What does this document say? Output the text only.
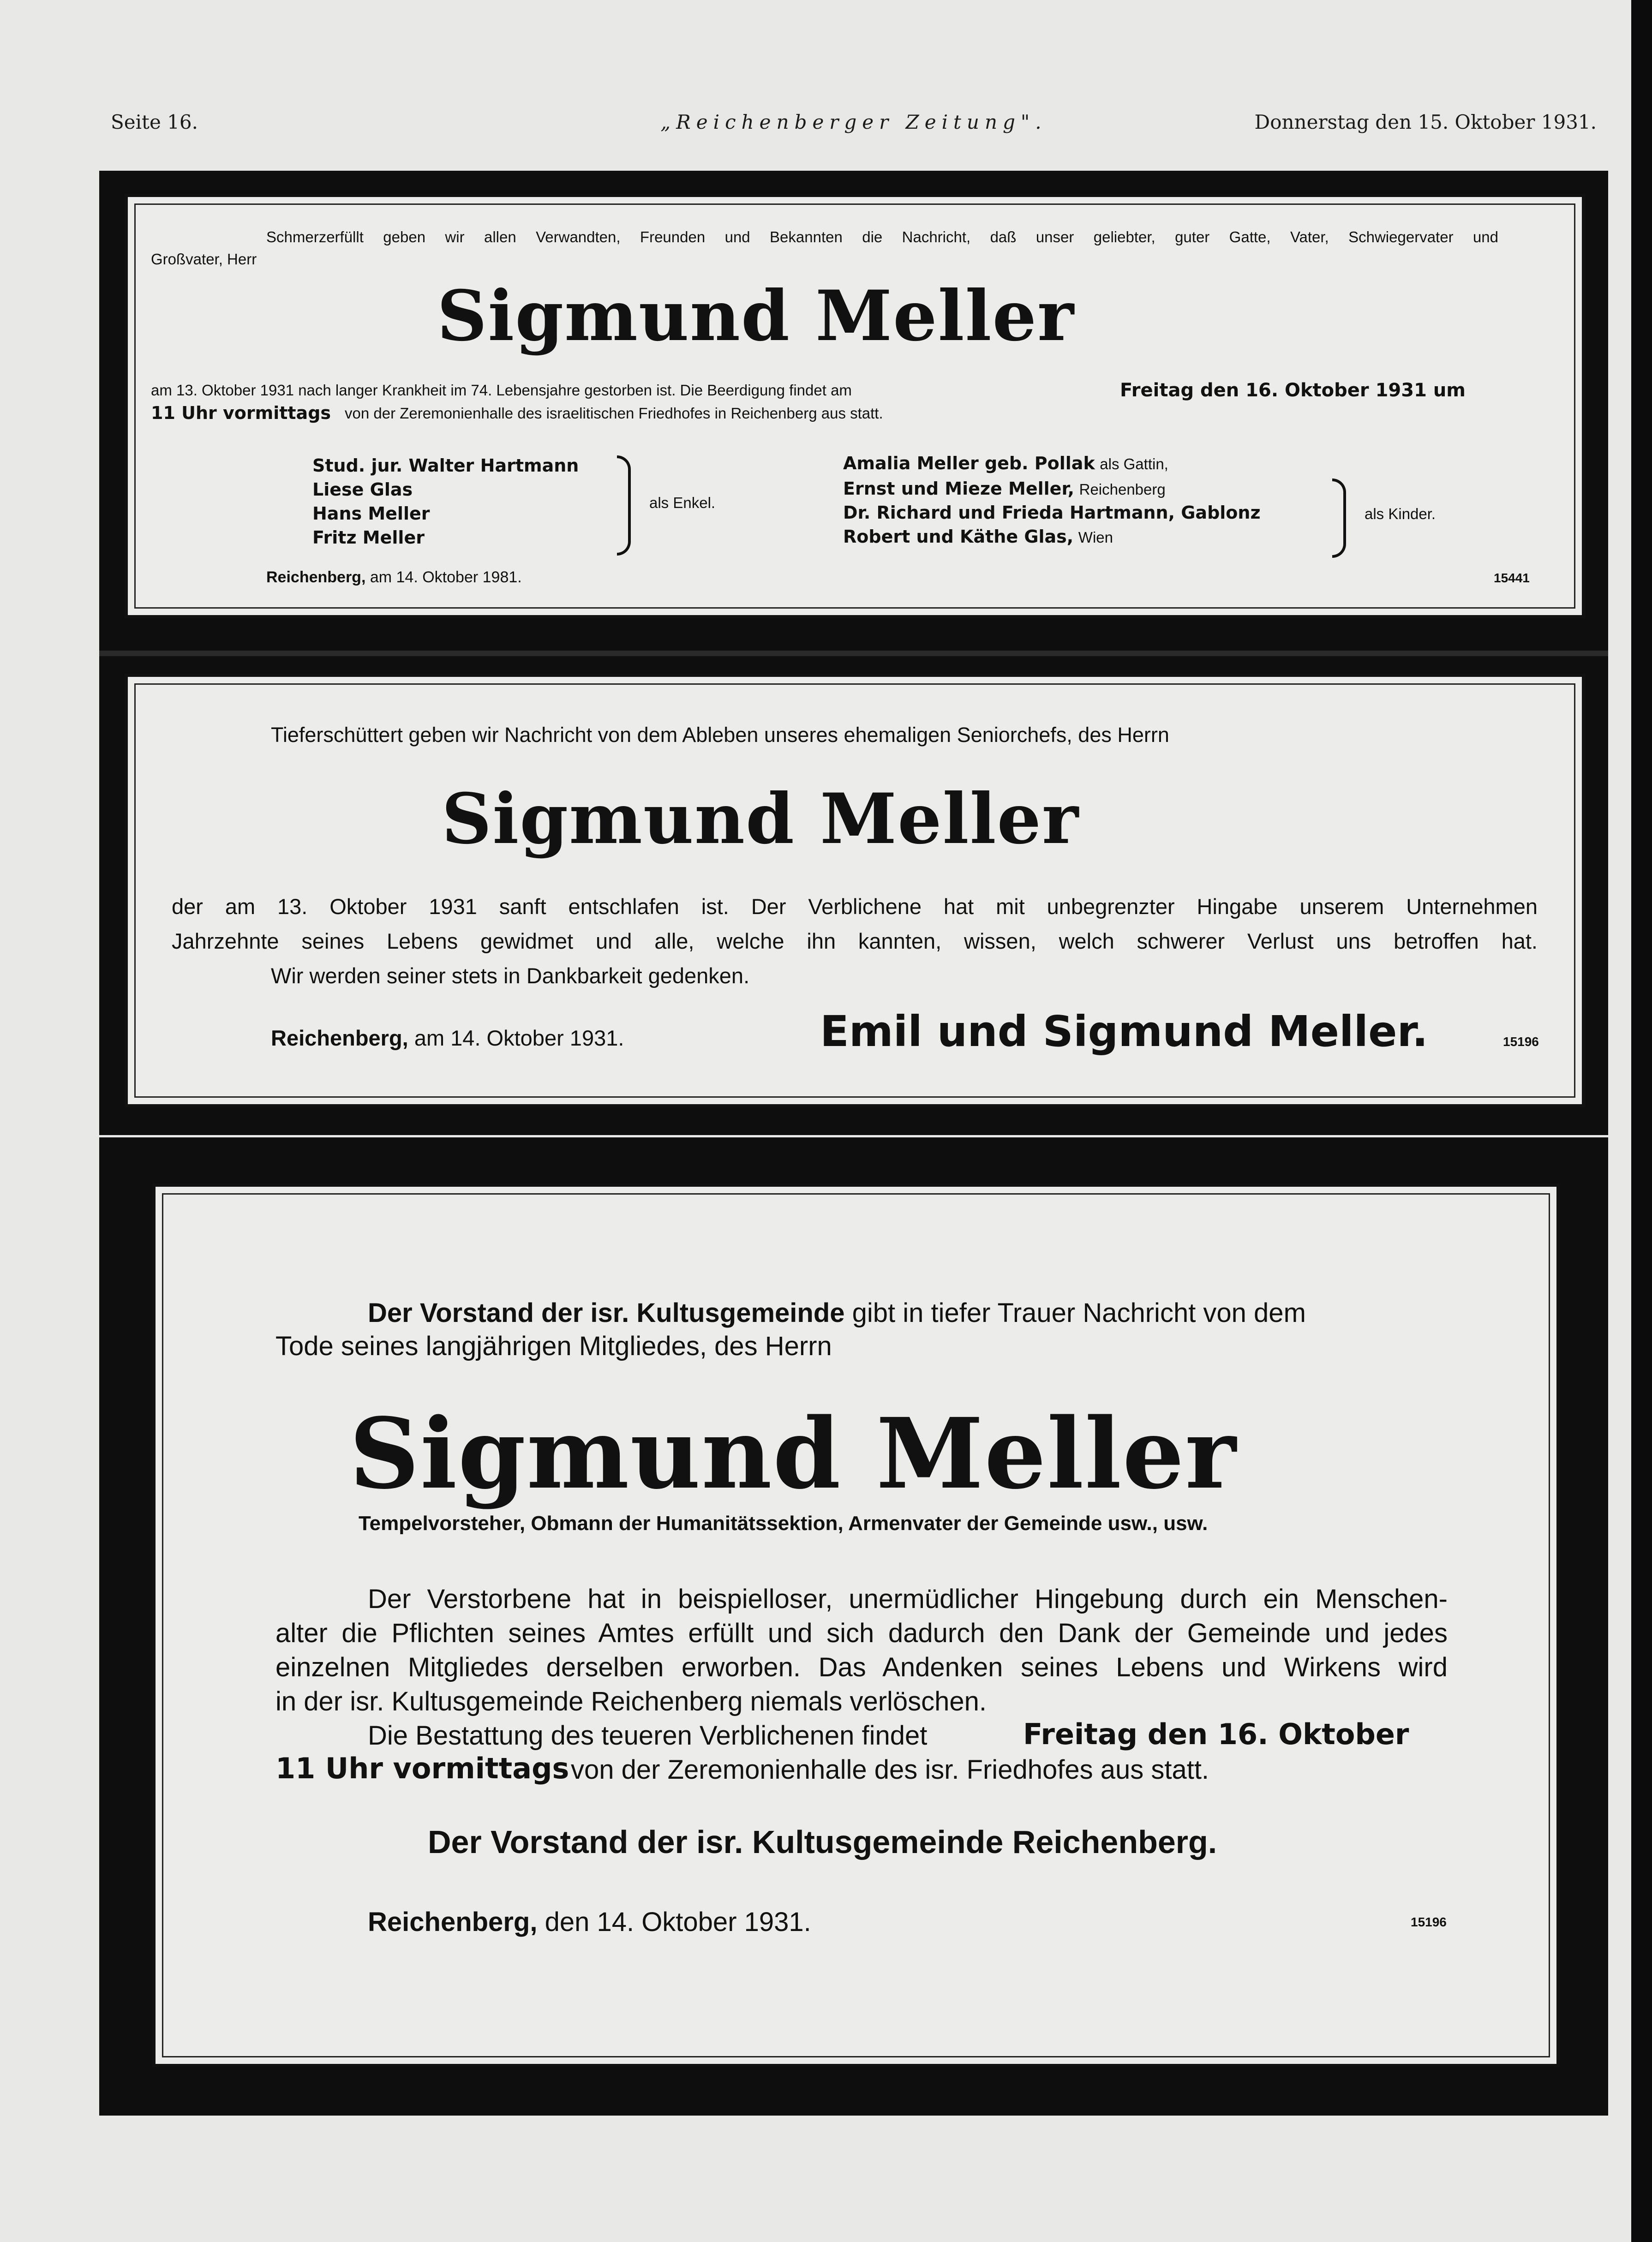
Seite 16.	„Reichenberger Zeitung".	Donnerstag den 15. Oktober 1931.
Schmerzerfüllt geben wir allen Verwandten, Freunden und Bekannten die Nachricht, daß unser geliebter, guter Gatte, Vater, Schwiegervater und
Großvater, Herr
Sigmund Meller
am 13. Oktober 1931 nach langer Krankheit im 74. Lebensjahre gestorben ist. Die Beerdigung findet am	Freitag den 16. Oktober 1931 um
11 Uhr vormittags von der Zeremonienhalle des israelitischen Friedhofes in Reichenberg aus statt.
Stud. jur. Walter Hartmann
Liese Glas
Hans Meller
Fritz Meller
als Enkel.
Amalia Meller geb. Pollak als Gattin,
Ernst und Mieze Meller, Reichenberg
Dr. Richard und Frieda Hartmann, Gablonz
Robert und Käthe Glas, Wien
als Kinder.
Reichenberg, am 14. Oktober 1981.	15441
Tieferschüttert geben wir Nachricht von dem Ableben unseres ehemaligen Seniorchefs, des Herrn
Sigmund Meller
der am 13. Oktober 1931 sanft entschlafen ist. Der Verblichene hat mit unbegrenzter Hingabe unserem Unternehmen
Jahrzehnte seines Lebens gewidmet und alle, welche ihn kannten, wissen, welch schwerer Verlust uns betroffen hat.
Wir werden seiner stets in Dankbarkeit gedenken.
Reichenberg, am 14. Oktober 1931.	Emil und Sigmund Meller.	15196
Der Vorstand der isr. Kultusgemeinde gibt in tiefer Trauer Nachricht von dem
Tode seines langjährigen Mitgliedes, des Herrn
Sigmund Meller
Tempelvorsteher, Obmann der Humanitätssektion, Armenvater der Gemeinde usw., usw.
Der Verstorbene hat in beispielloser, unermüdlicher Hingebung durch ein Menschen-
alter die Pflichten seines Amtes erfüllt und sich dadurch den Dank der Gemeinde und jedes
einzelnen Mitgliedes derselben erworben. Das Andenken seines Lebens und Wirkens wird
in der isr. Kultusgemeinde Reichenberg niemals verlöschen.
Die Bestattung des teueren Verblichenen findet	Freitag den 16. Oktober
11 Uhr vormittags von der Zeremonienhalle des isr. Friedhofes aus statt.
Der Vorstand der isr. Kultusgemeinde Reichenberg.
Reichenberg, den 14. Oktober 1931.	15196
